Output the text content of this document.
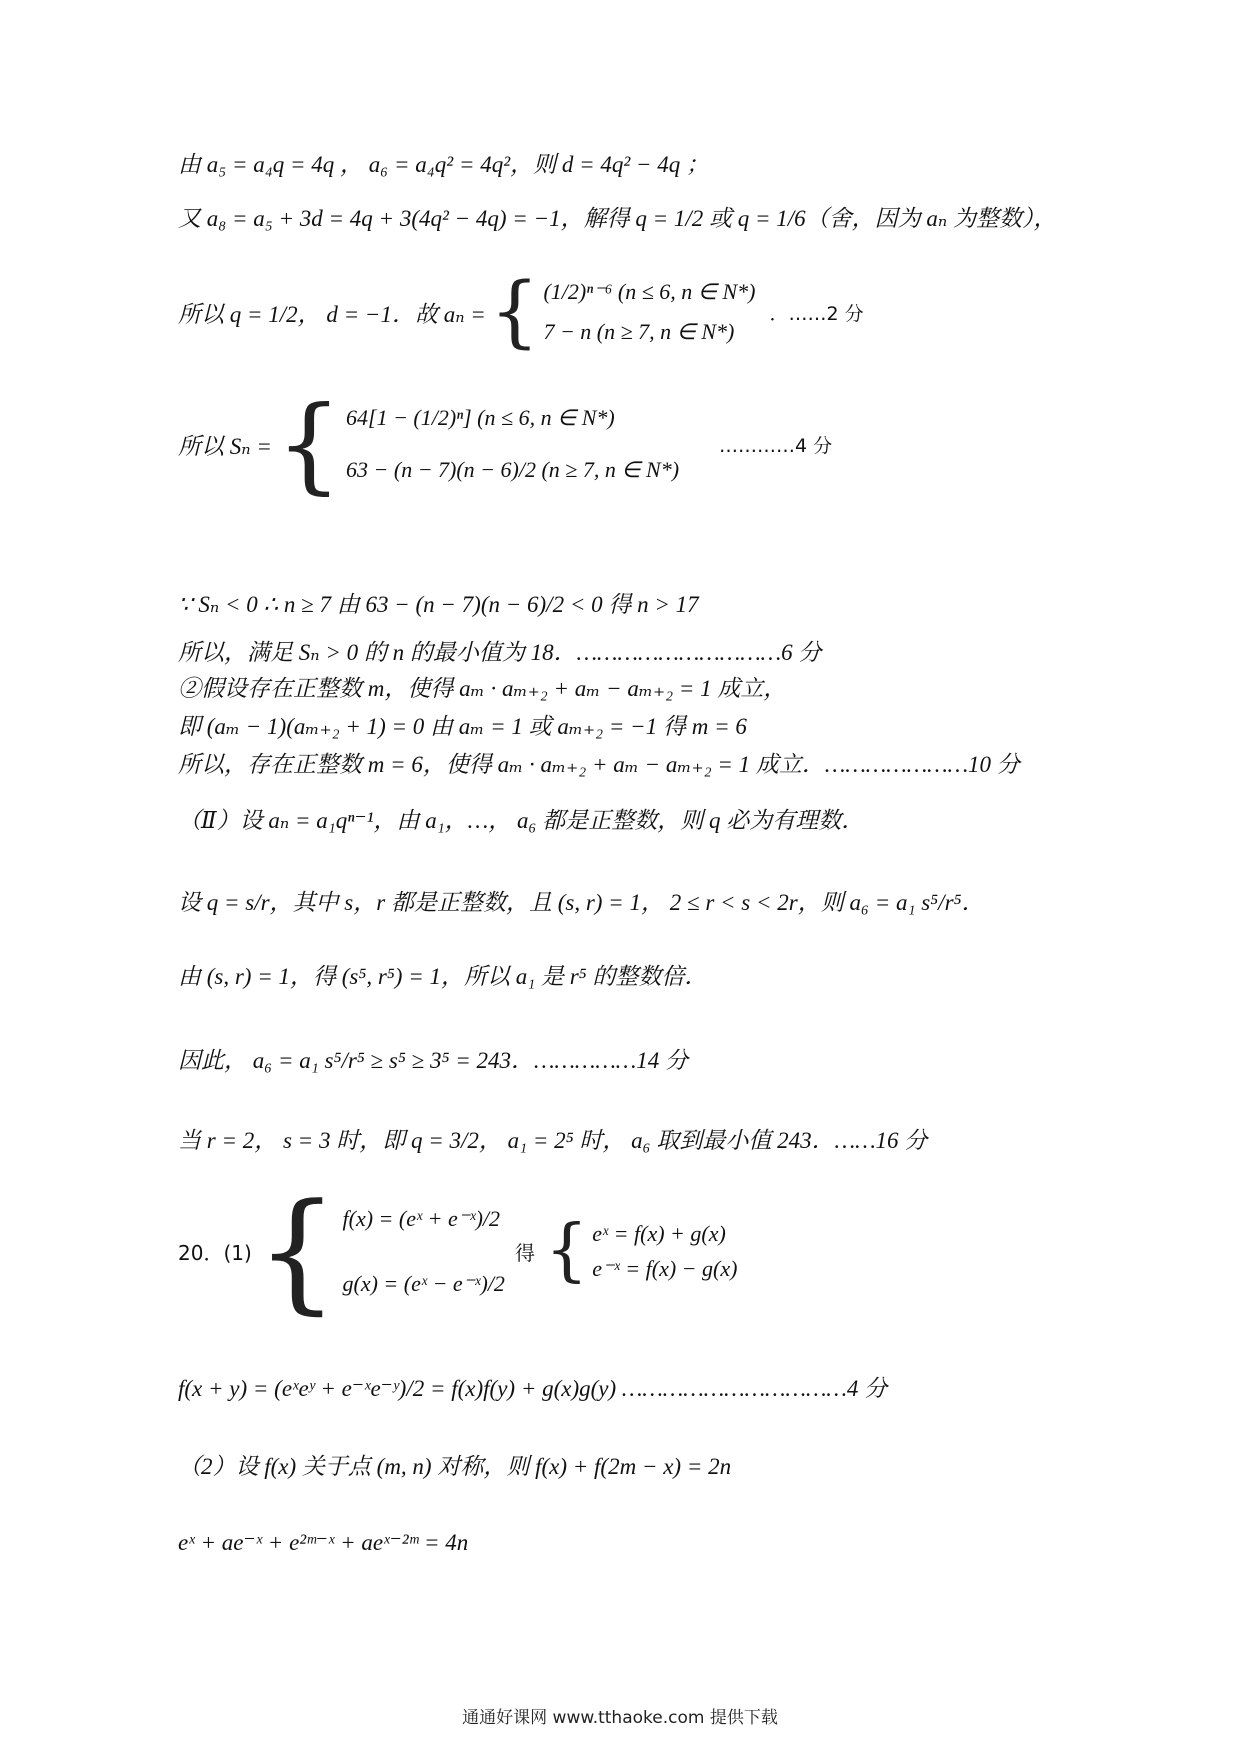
由 a₅ = a₄q = 4q ， a₆ = a₄q² = 4q²，则 d = 4q² − 4q ；
又 a₈ = a₅ + 3d = 4q + 3(4q² − 4q) = −1，解得 q = 1/2 或 q = 1/6（舍，因为 aₙ 为整数），
所以 q = 1/2， d = −1．故 aₙ = { (1/2)ⁿ⁻⁶ (n ≤ 6, n ∈ N*)
7 − n (n ≥ 7, n ∈ N*)
．……2 分
所以 Sₙ = { 64[1 − (1/2)ⁿ] (n ≤ 6, n ∈ N*)
63 − (n − 7)(n − 6)/2 (n ≥ 7, n ∈ N*)
…………4 分
∵ Sₙ < 0 ∴ n ≥ 7 由 63 − (n − 7)(n − 6)/2 < 0 得 n > 17
所以，满足 Sₙ > 0 的 n 的最小值为 18．…………………………6 分
②假设存在正整数 m，使得 aₘ · aₘ₊₂ + aₘ − aₘ₊₂ = 1 成立，
即 (aₘ − 1)(aₘ₊₂ + 1) = 0 由 aₘ = 1 或 aₘ₊₂ = −1 得 m = 6
所以，存在正整数 m = 6，使得 aₘ · aₘ₊₂ + aₘ − aₘ₊₂ = 1 成立．…………………10 分
（Ⅱ）设 aₙ = a₁qⁿ⁻¹，由 a₁，…， a₆ 都是正整数，则 q 必为有理数．
设 q = s/r，其中 s，r 都是正整数，且 (s, r) = 1， 2 ≤ r < s < 2r，则 a₆ = a₁ s⁵/r⁵．
由 (s, r) = 1，得 (s⁵, r⁵) = 1，所以 a₁ 是 r⁵ 的整数倍．
因此， a₆ = a₁ s⁵/r⁵ ≥ s⁵ ≥ 3⁵ = 243．……………14 分
当 r = 2， s = 3 时，即 q = 3/2， a₁ = 2⁵ 时， a₆ 取到最小值 243．……16 分
20．(1) { f(x) = (eˣ + e⁻ˣ)/2
g(x) = (eˣ − e⁻ˣ)/2
得 { eˣ = f(x) + g(x)
e⁻ˣ = f(x) − g(x)
f(x + y) = (eˣeʸ + e⁻ˣe⁻ʸ)/2 = f(x)f(y) + g(x)g(y) ……………………………4 分
（2）设 f(x) 关于点 (m, n) 对称，则 f(x) + f(2m − x) = 2n
eˣ + ae⁻ˣ + e²ᵐ⁻ˣ + aeˣ⁻²ᵐ = 4n
通通好课网 www.tthaoke.com 提供下载
